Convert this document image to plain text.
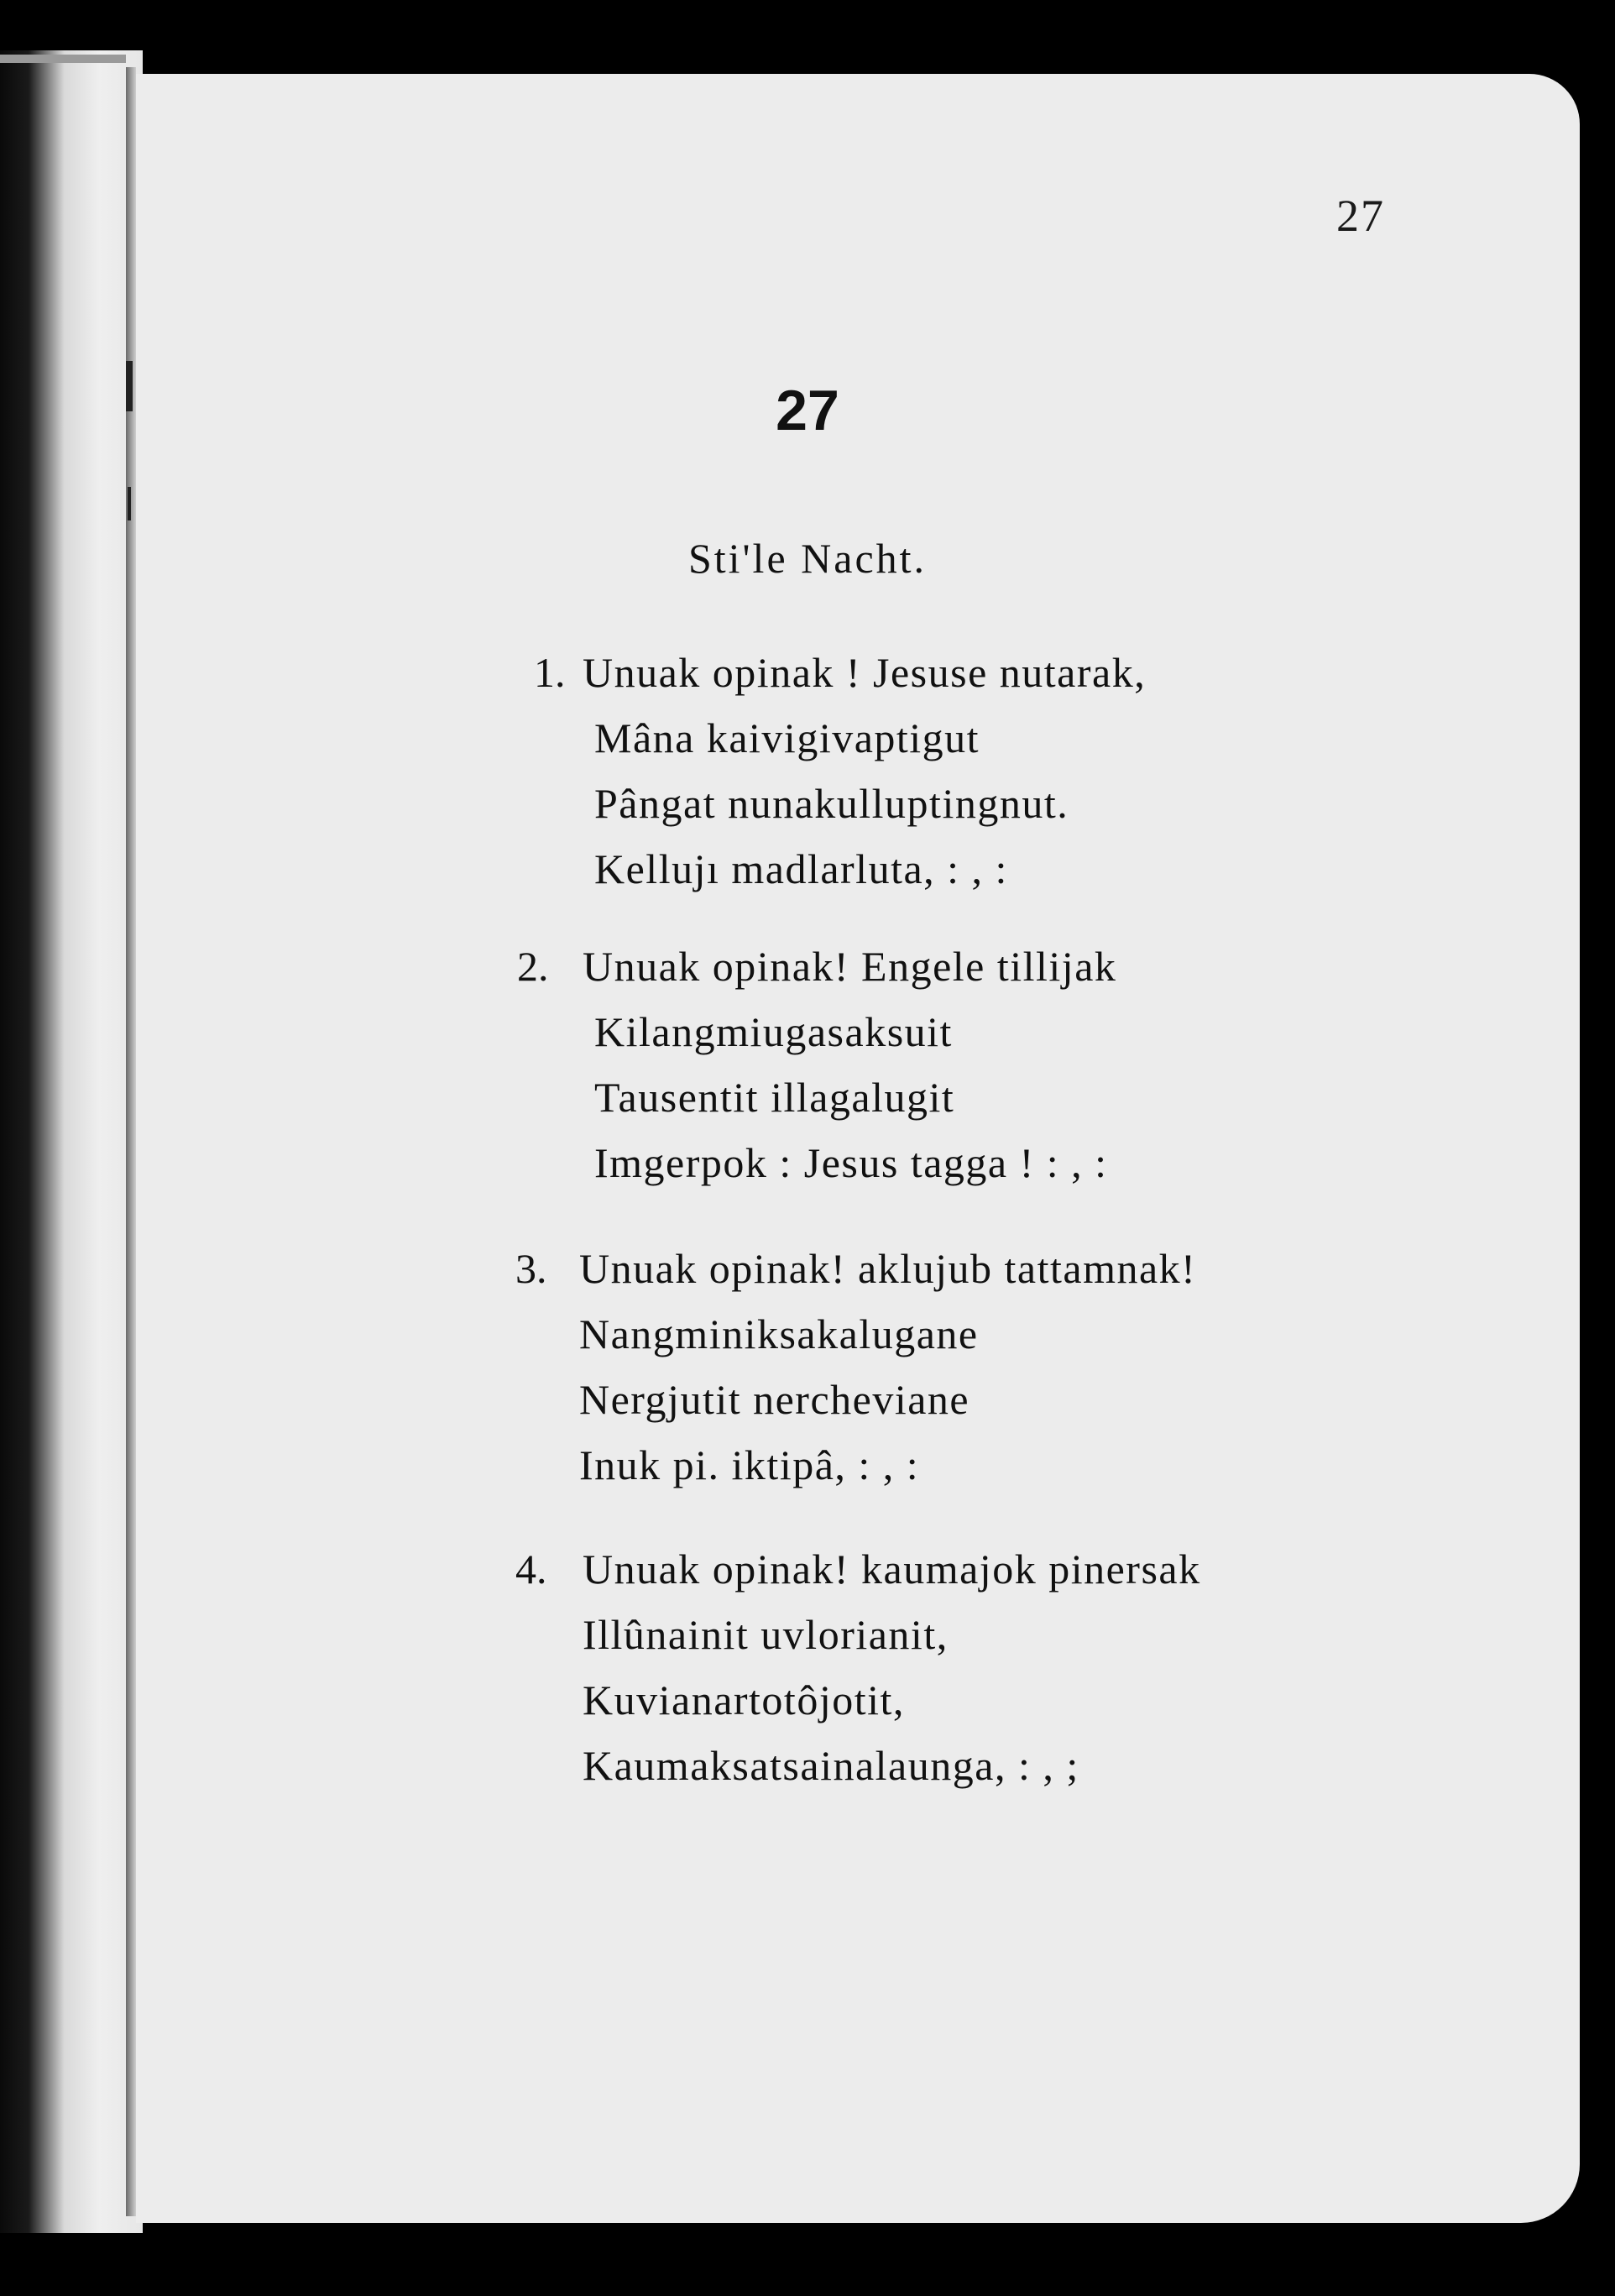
27
27
Sti'le Nacht.
1. Unuak opinak ! Jesuse nutarak,
Mâna kaivigivaptigut
Pângat nunakulluptingnut.
Kellujı madlarluta, : , :
2. Unuak opinak! Engele tillijak
Kilangmiugasaksuit
Tausentit illagalugit
Imgerpok : Jesus tagga ! : , :
3. Unuak opinak! aklujub tattamnak!
Nangminiksakalugane
Nergjutit nercheviane
Inuk pi. iktipâ, : , :
4. Unuak opinak! kaumajok pinersak
Illûnainit uvlorianit,
Kuvianartotôjotit,
Kaumaksatsainalaunga, : , ;
